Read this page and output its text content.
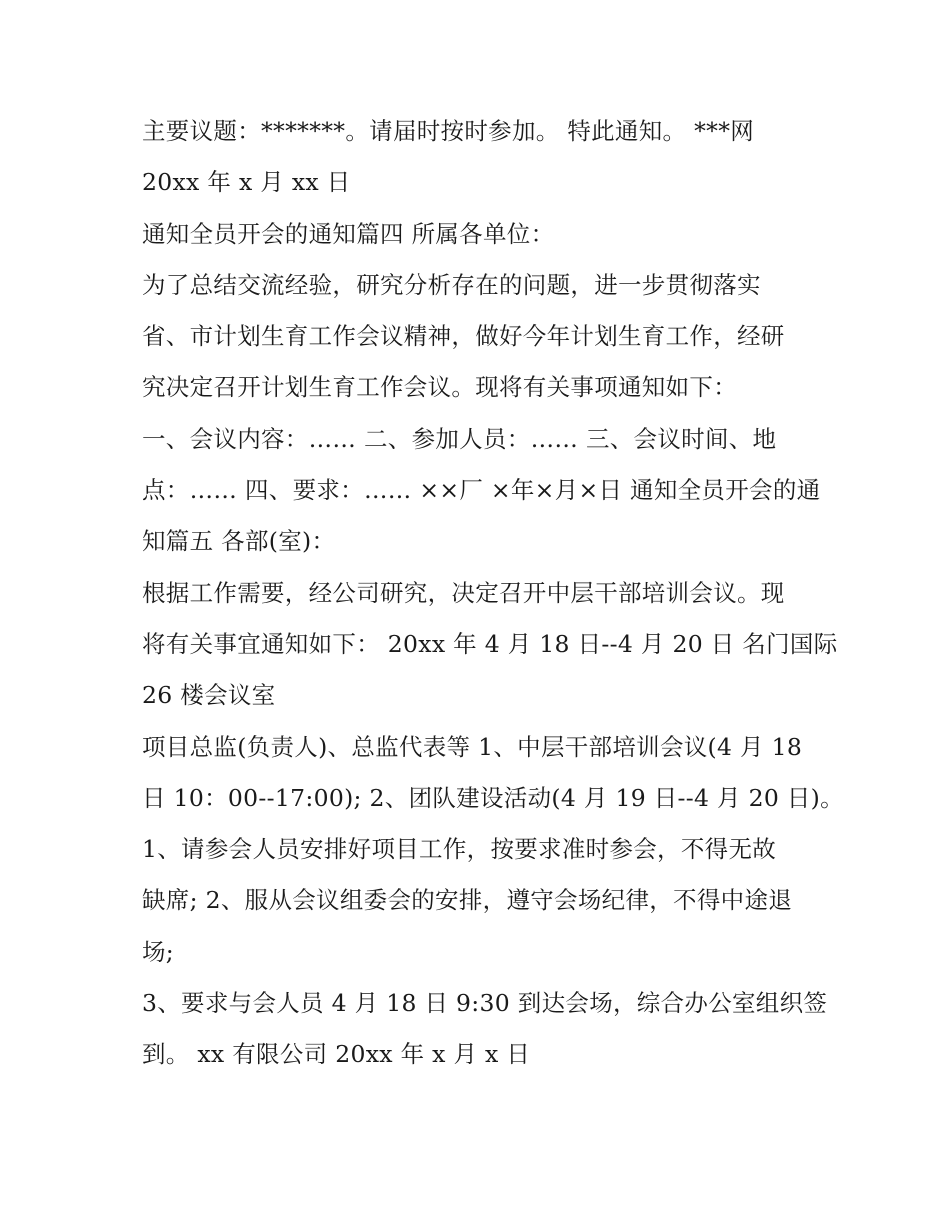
主要议题：*******。请届时按时参加。 特此通知。 ***网
20xx 年 x 月 xx 日
通知全员开会的通知篇四 所属各单位：
为了总结交流经验，研究分析存在的问题，进一步贯彻落实
省、市计划生育工作会议精神，做好今年计划生育工作，经研
究决定召开计划生育工作会议。现将有关事项通知如下：
一、会议内容：…… 二、参加人员：…… 三、会议时间、地
点：…… 四、要求：…… ××厂 ×年×月×日 通知全员开会的通
知篇五 各部(室)：
根据工作需要，经公司研究，决定召开中层干部培训会议。现
将有关事宜通知如下： 20xx 年 4 月 18 日--4 月 20 日 名门国际
26 楼会议室
项目总监(负责人)、总监代表等 1、中层干部培训会议(4 月 18
日 10：00--17:00); 2、团队建设活动(4 月 19 日--4 月 20 日)。
1、请参会人员安排好项目工作，按要求准时参会，不得无故
缺席; 2、服从会议组委会的安排，遵守会场纪律，不得中途退
场;
3、要求与会人员 4 月 18 日 9:30 到达会场，综合办公室组织签
到。 xx 有限公司 20xx 年 x 月 x 日
